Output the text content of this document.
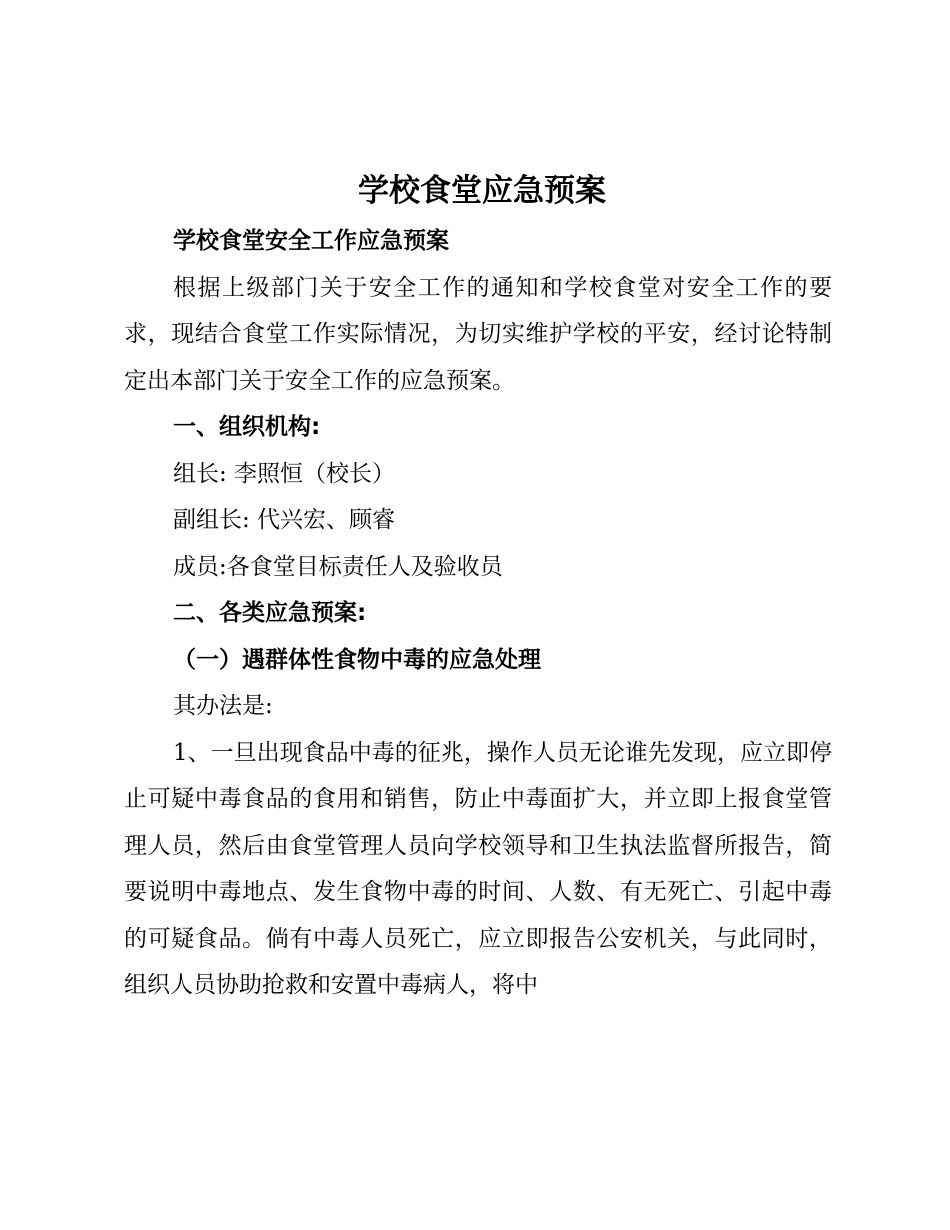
学校食堂应急预案

学校食堂安全工作应急预案

根据上级部门关于安全工作的通知和学校食堂对安全工作的要求，现结合食堂工作实际情况，为切实维护学校的平安，经讨论特制定出本部门关于安全工作的应急预案。

一、组织机构:

组长: 李照恒（校长）

副组长: 代兴宏、顾睿

成员:各食堂目标责任人及验收员

二、各类应急预案:

（一）遇群体性食物中毒的应急处理

其办法是:

1、一旦出现食品中毒的征兆，操作人员无论谁先发现，应立即停止可疑中毒食品的食用和销售，防止中毒面扩大，并立即上报食堂管理人员，然后由食堂管理人员向学校领导和卫生执法监督所报告，简要说明中毒地点、发生食物中毒的时间、人数、有无死亡、引起中毒的可疑食品。倘有中毒人员死亡，应立即报告公安机关，与此同时，组织人员协助抢救和安置中毒病人，将中
